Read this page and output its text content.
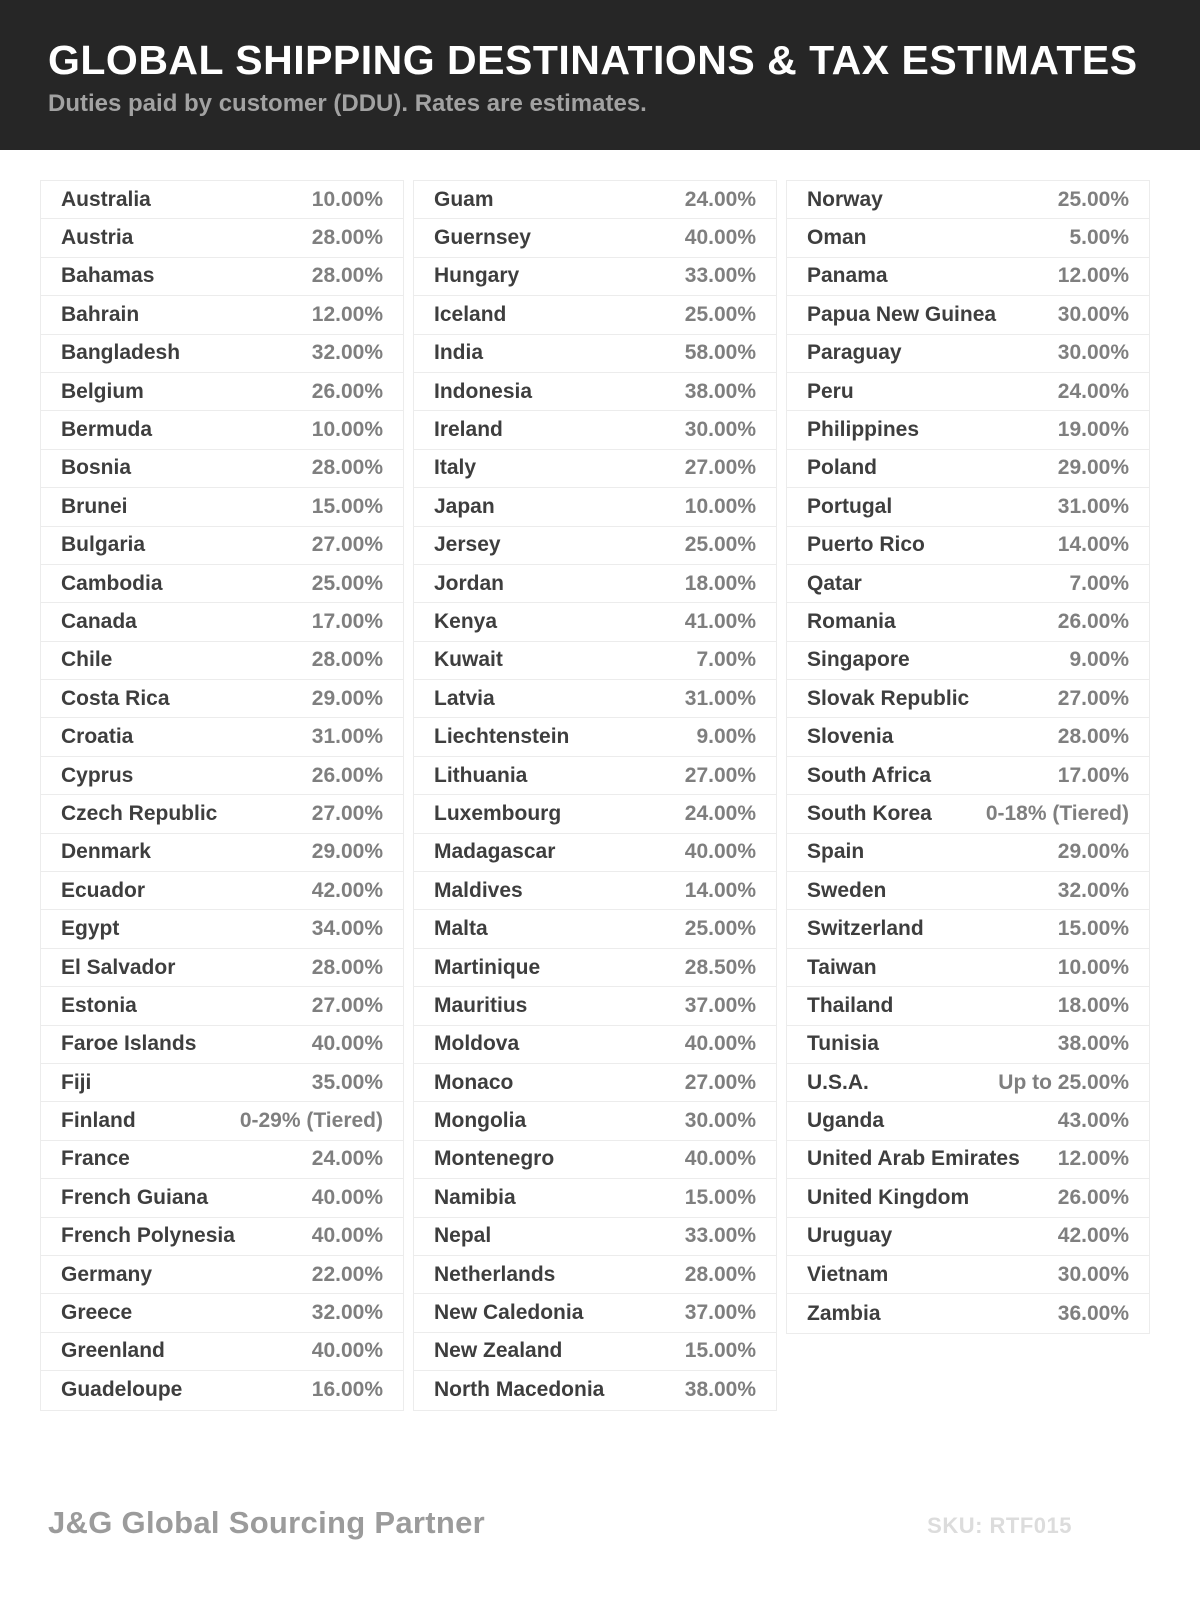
GLOBAL SHIPPING DESTINATIONS & TAX ESTIMATES

Duties paid by customer (DDU). Rates are estimates.

Australia	10.00%
Austria	28.00%
Bahamas	28.00%
Bahrain	12.00%
Bangladesh	32.00%
Belgium	26.00%
Bermuda	10.00%
Bosnia	28.00%
Brunei	15.00%
Bulgaria	27.00%
Cambodia	25.00%
Canada	17.00%
Chile	28.00%
Costa Rica	29.00%
Croatia	31.00%
Cyprus	26.00%
Czech Republic	27.00%
Denmark	29.00%
Ecuador	42.00%
Egypt	34.00%
El Salvador	28.00%
Estonia	27.00%
Faroe Islands	40.00%
Fiji	35.00%
Finland	0-29% (Tiered)
France	24.00%
French Guiana	40.00%
French Polynesia	40.00%
Germany	22.00%
Greece	32.00%
Greenland	40.00%
Guadeloupe	16.00%
Guam	24.00%
Guernsey	40.00%
Hungary	33.00%
Iceland	25.00%
India	58.00%
Indonesia	38.00%
Ireland	30.00%
Italy	27.00%
Japan	10.00%
Jersey	25.00%
Jordan	18.00%
Kenya	41.00%
Kuwait	7.00%
Latvia	31.00%
Liechtenstein	9.00%
Lithuania	27.00%
Luxembourg	24.00%
Madagascar	40.00%
Maldives	14.00%
Malta	25.00%
Martinique	28.50%
Mauritius	37.00%
Moldova	40.00%
Monaco	27.00%
Mongolia	30.00%
Montenegro	40.00%
Namibia	15.00%
Nepal	33.00%
Netherlands	28.00%
New Caledonia	37.00%
New Zealand	15.00%
North Macedonia	38.00%
Norway	25.00%
Oman	5.00%
Panama	12.00%
Papua New Guinea	30.00%
Paraguay	30.00%
Peru	24.00%
Philippines	19.00%
Poland	29.00%
Portugal	31.00%
Puerto Rico	14.00%
Qatar	7.00%
Romania	26.00%
Singapore	9.00%
Slovak Republic	27.00%
Slovenia	28.00%
South Africa	17.00%
South Korea	0-18% (Tiered)
Spain	29.00%
Sweden	32.00%
Switzerland	15.00%
Taiwan	10.00%
Thailand	18.00%
Tunisia	38.00%
U.S.A.	Up to 25.00%
Uganda	43.00%
United Arab Emirates 12.00%
United Kingdom	26.00%
Uruguay	42.00%
Vietnam	30.00%
Zambia	36.00%
J&G Global Sourcing Partner	SKU: RTF015
